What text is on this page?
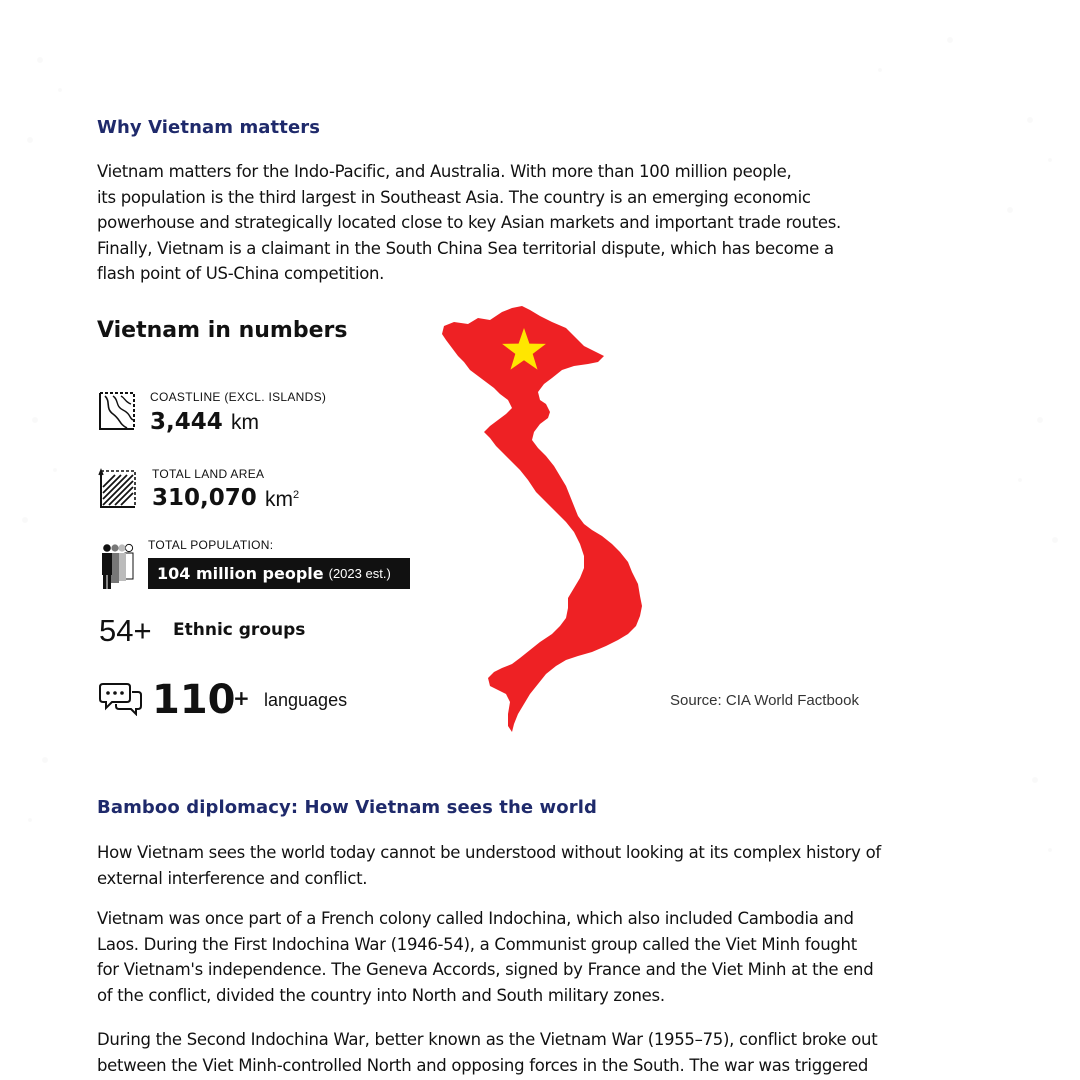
Why Vietnam matters

Vietnam matters for the Indo-Pacific, and Australia. With more than 100 million people,
its population is the third largest in Southeast Asia. The country is an emerging economic
powerhouse and strategically located close to key Asian markets and important trade routes.
Finally, Vietnam is a claimant in the South China Sea territorial dispute, which has become a
flash point of US-China competition.

Vietnam in numbers
COASTLINE (EXCL. ISLANDS)
3,444 km
TOTAL LAND AREA
310,070 $km^2$
TOTAL POPULATION:
104 million people (2023 est.)
54+ Ethnic groups
110
+ languages	Source: CIA World Factbook
Bamboo diplomacy: How Vietnam sees the world

How Vietnam sees the world today cannot be understood without looking at its complex history of
external interference and conflict.

Vietnam was once part of a French colony called Indochina, which also included Cambodia and
Laos. During the First Indochina War (1946-54), a Communist group called the Viet Minh fought
for Vietnam's independence. The Geneva Accords, signed by France and the Viet Minh at the end
of the conflict, divided the country into North and South military zones.

During the Second Indochina War, better known as the Vietnam War (1955–75), conflict broke out
between the Viet Minh-controlled North and opposing forces in the South. The war was triggered
